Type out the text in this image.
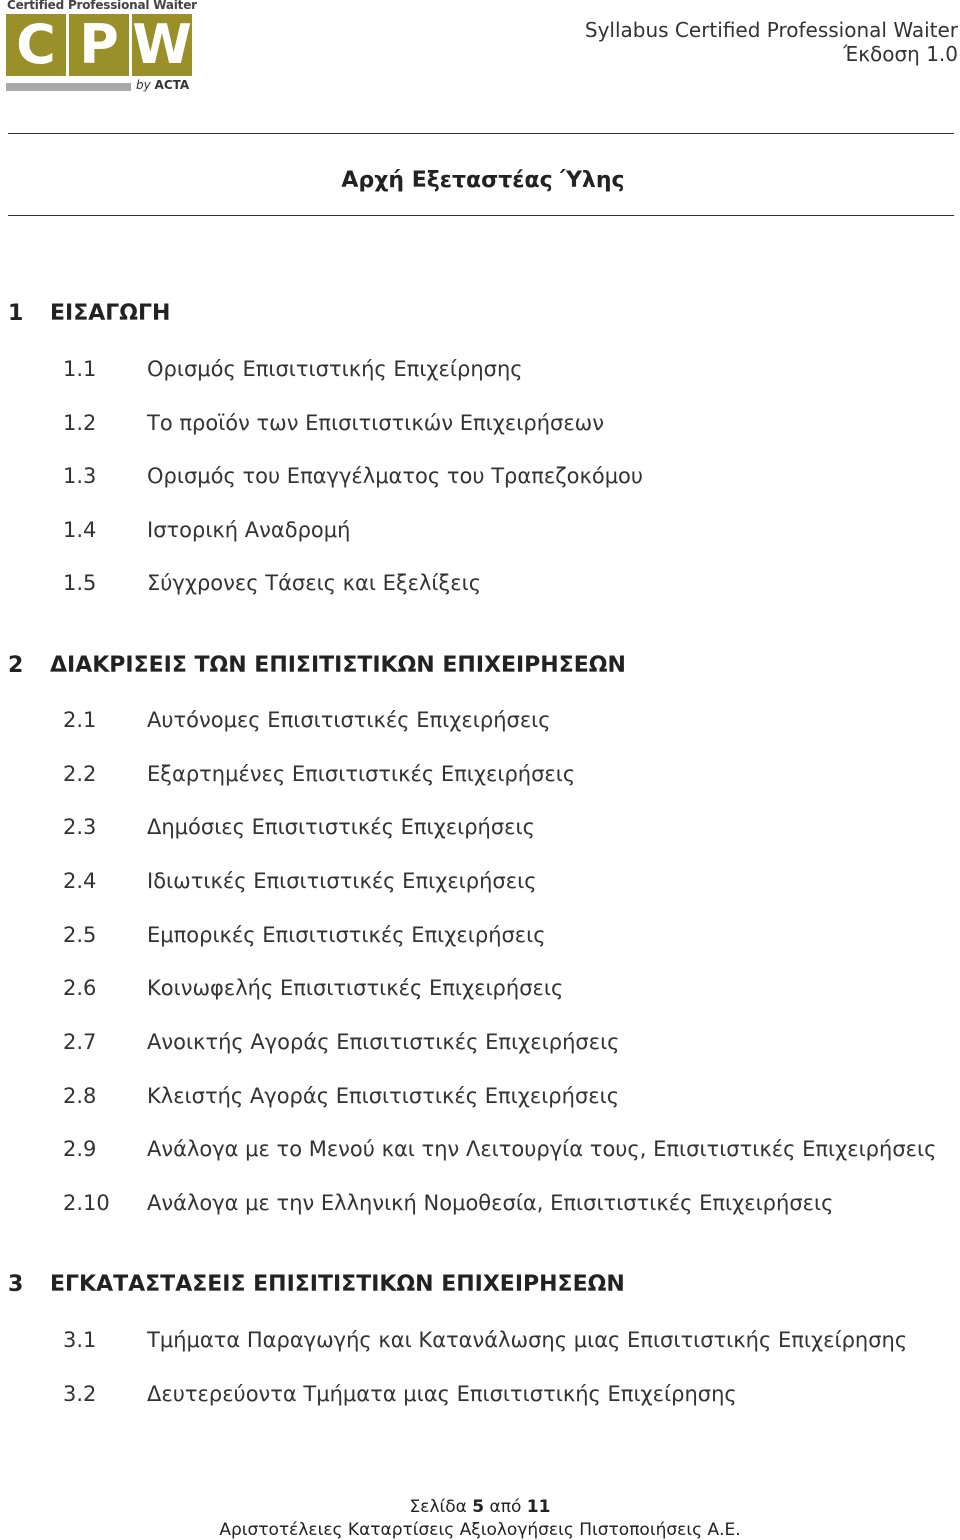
Certified Professional Waiter
C P W
by ACTA
Syllabus Certified Professional Waiter
Έκδοση 1.0
Αρχή Εξεταστέας Ύλης
1 ΕΙΣΑΓΩΓΗ
1.1 Ορισμός Επισιτιστικής Επιχείρησης
1.2 Το προϊόν των Επισιτιστικών Επιχειρήσεων
1.3 Ορισμός του Επαγγέλματος του Τραπεζοκόμου
1.4 Ιστορική Αναδρομή
1.5 Σύγχρονες Τάσεις και Εξελίξεις
2 ΔΙΑΚΡΙΣΕΙΣ ΤΩΝ ΕΠΙΣΙΤΙΣΤΙΚΩΝ ΕΠΙΧΕΙΡΗΣΕΩΝ
2.1 Αυτόνομες Επισιτιστικές Επιχειρήσεις
2.2 Εξαρτημένες Επισιτιστικές Επιχειρήσεις
2.3 Δημόσιες Επισιτιστικές Επιχειρήσεις
2.4 Ιδιωτικές Επισιτιστικές Επιχειρήσεις
2.5 Εμπορικές Επισιτιστικές Επιχειρήσεις
2.6 Κοινωφελής Επισιτιστικές Επιχειρήσεις
2.7 Ανοικτής Αγοράς Επισιτιστικές Επιχειρήσεις
2.8 Κλειστής Αγοράς Επισιτιστικές Επιχειρήσεις
2.9 Ανάλογα με το Μενού και την Λειτουργία τους, Επισιτιστικές Επιχειρήσεις
2.10 Ανάλογα με την Ελληνική Νομοθεσία, Επισιτιστικές Επιχειρήσεις
3 ΕΓΚΑΤΑΣΤΑΣΕΙΣ ΕΠΙΣΙΤΙΣΤΙΚΩΝ ΕΠΙΧΕΙΡΗΣΕΩΝ
3.1 Τμήματα Παραγωγής και Κατανάλωσης μιας Επισιτιστικής Επιχείρησης
3.2 Δευτερεύοντα Τμήματα μιας Επισιτιστικής Επιχείρησης
Σελίδα 5 από 11
Αριστοτέλειες Καταρτίσεις Αξιολογήσεις Πιστοποιήσεις Α.Ε.
